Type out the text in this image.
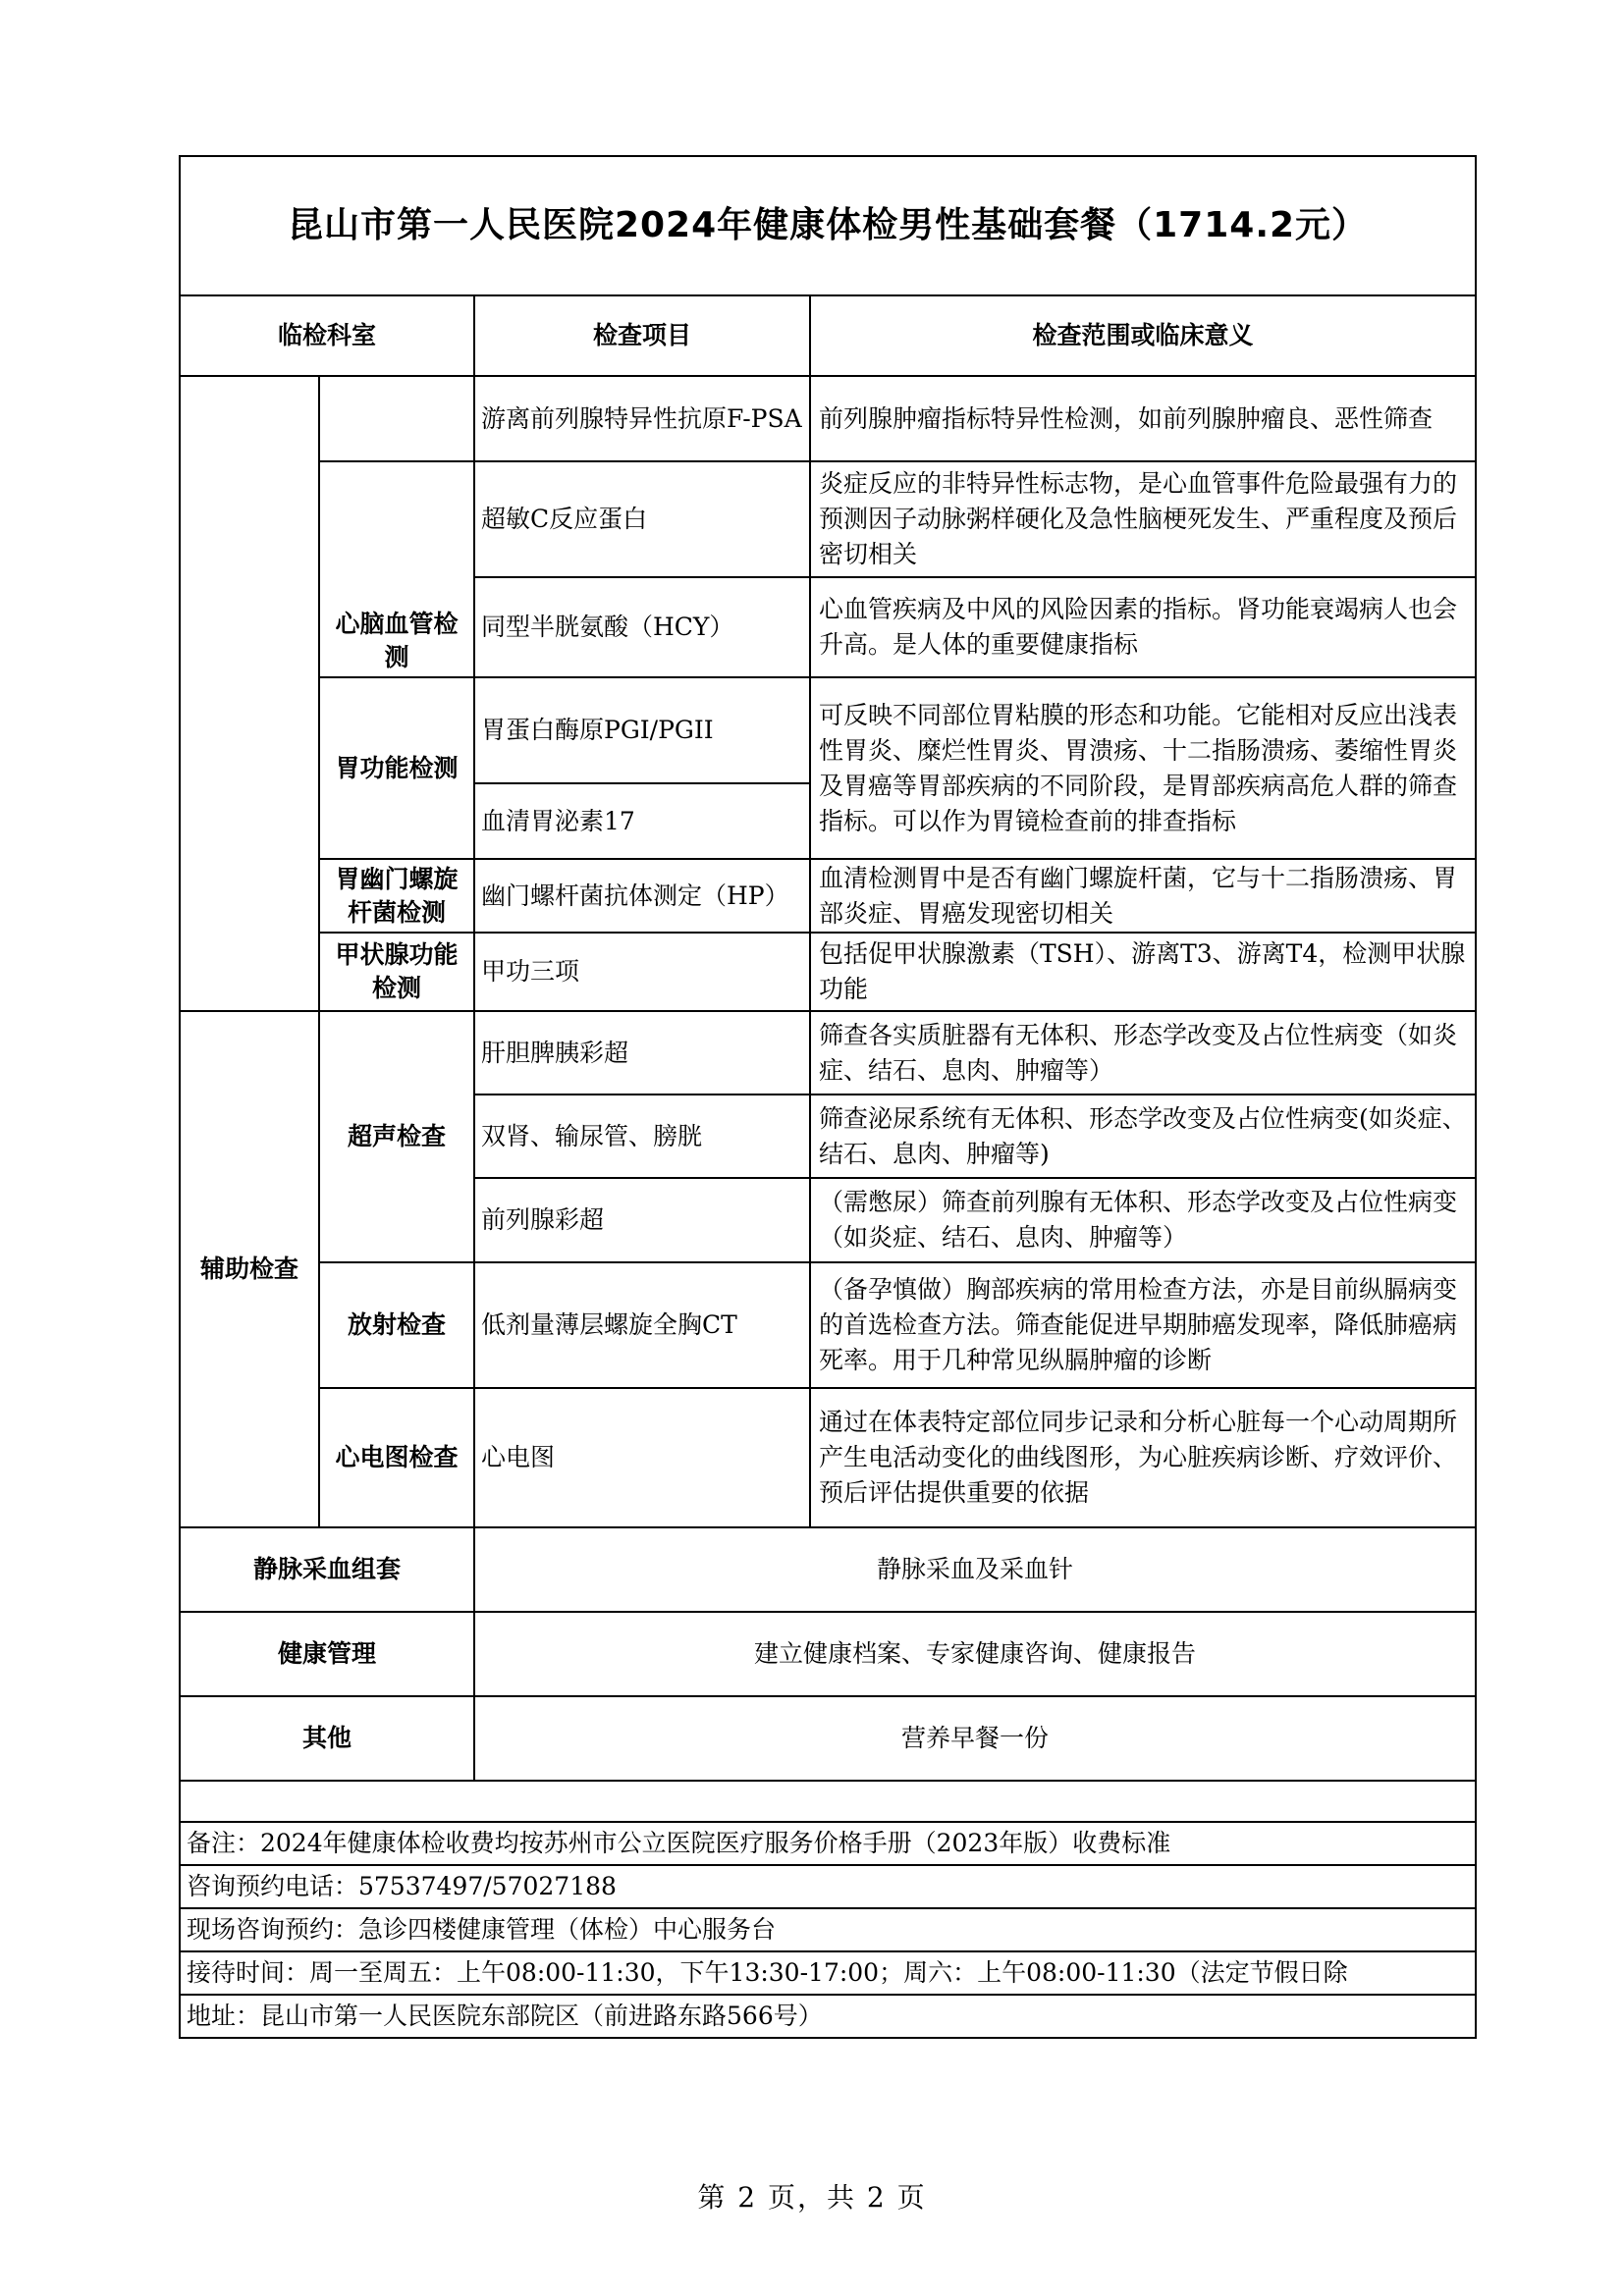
昆山市第一人民医院2024年健康体检男性基础套餐（1714.2元）			
临检科室		检查项目	检查范围或临床意义
		游离前列腺特异性抗原F-PSA	前列腺肿瘤指标特异性检测，如前列腺肿瘤良、恶性筛查
	心脑血管检测	超敏C反应蛋白	炎症反应的非特异性标志物，是心血管事件危险最强有力的预测因子动脉粥样硬化及急性脑梗死发生、严重程度及预后密切相关
		同型半胱氨酸（HCY）	心血管疾病及中风的风险因素的指标。肾功能衰竭病人也会升高。是人体的重要健康指标
	胃功能检测	胃蛋白酶原PGI/PGII	可反映不同部位胃粘膜的形态和功能。它能相对反应出浅表性胃炎、糜烂性胃炎、胃溃疡、十二指肠溃疡、萎缩性胃炎及胃癌等胃部疾病的不同阶段，是胃部疾病高危人群的筛查指标。可以作为胃镜检查前的排查指标
		血清胃泌素17	
	胃幽门螺旋杆菌检测	幽门螺杆菌抗体测定（HP）	血清检测胃中是否有幽门螺旋杆菌，它与十二指肠溃疡、胃部炎症、胃癌发现密切相关
	甲状腺功能检测	甲功三项	包括促甲状腺激素（TSH）、游离T3、游离T4，检测甲状腺功能
辅助检查	超声检查	肝胆脾胰彩超	筛查各实质脏器有无体积、形态学改变及占位性病变（如炎症、结石、息肉、肿瘤等）
		双肾、输尿管、膀胱	筛查泌尿系统有无体积、形态学改变及占位性病变(如炎症、结石、息肉、肿瘤等)
		前列腺彩超	（需憋尿）筛查前列腺有无体积、形态学改变及占位性病变（如炎症、结石、息肉、肿瘤等）
	放射检查	低剂量薄层螺旋全胸CT	（备孕慎做）胸部疾病的常用检查方法，亦是目前纵膈病变的首选检查方法。筛查能促进早期肺癌发现率，降低肺癌病死率。用于几种常见纵膈肿瘤的诊断
	心电图检查	心电图	通过在体表特定部位同步记录和分析心脏每一个心动周期所产生电活动变化的曲线图形，为心脏疾病诊断、疗效评价、预后评估提供重要的依据
静脉采血组套		静脉采血及采血针	
健康管理		建立健康档案、专家健康咨询、健康报告	
其他		营养早餐一份	

备注：2024年健康体检收费均按苏州市公立医院医疗服务价格手册（2023年版）收费标准			
咨询预约电话：57537497/57027188			
现场咨询预约：急诊四楼健康管理（体检）中心服务台			
接待时间：周一至周五：上午08:00-11:30，下午13:30-17:00；周六：上午08:00-11:30（法定节假日除			
地址：昆山市第一人民医院东部院区（前进路东路566号）			
第 2 页，共 2 页
